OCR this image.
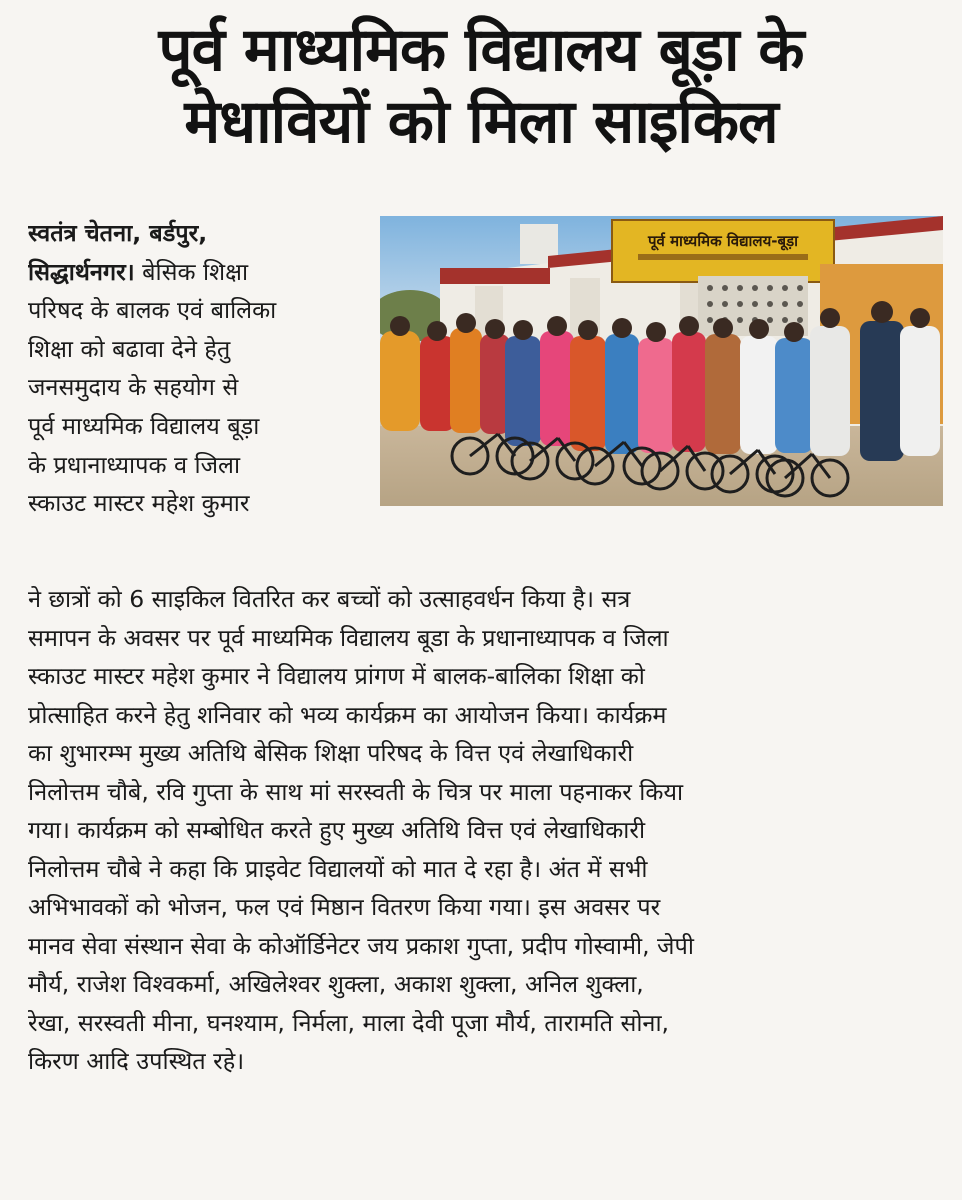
पूर्व माध्यमिक विद्यालय बूड़ा के
मेधावियों को मिला साइकिल
पूर्व माध्यमिक विद्यालय-बूड़ा
स्वतंत्र चेतना, बर्डपुर,
सिद्धार्थनगर। बेसिक शिक्षा
परिषद के बालक एवं बालिका
शिक्षा को बढावा देने हेतु
जनसमुदाय के सहयोग से
पूर्व माध्यमिक विद्यालय बूड़ा
के प्रधानाध्यापक व जिला
स्काउट मास्टर महेश कुमार
ने छात्रों को 6 साइकिल वितरित कर बच्चों को उत्साहवर्धन किया है। सत्र
समापन के अवसर पर पूर्व माध्यमिक विद्यालय बूडा के प्रधानाध्यापक व जिला
स्काउट मास्टर महेश कुमार ने विद्यालय प्रांगण में बालक-बालिका शिक्षा को
प्रोत्साहित करने हेतु शनिवार को भव्य कार्यक्रम का आयोजन किया। कार्यक्रम
का शुभारम्भ मुख्य अतिथि बेसिक शिक्षा परिषद के वित्त एवं लेखाधिकारी
निलोत्तम चौबे, रवि गुप्ता के साथ मां सरस्वती के चित्र पर माला पहनाकर किया
गया। कार्यक्रम को सम्बोधित करते हुए मुख्य अतिथि वित्त एवं लेखाधिकारी
निलोत्तम चौबे ने कहा कि प्राइवेट विद्यालयों को मात दे रहा है। अंत में सभी
अभिभावकों को भोजन, फल एवं मिष्ठान वितरण किया गया। इस अवसर पर
मानव सेवा संस्थान सेवा के कोऑर्डिनेटर जय प्रकाश गुप्ता, प्रदीप गोस्वामी, जेपी
मौर्य, राजेश विश्वकर्मा, अखिलेश्वर शुक्ला, अकाश शुक्ला, अनिल शुक्ला,
रेखा, सरस्वती मीना, घनश्याम, निर्मला, माला देवी पूजा मौर्य, तारामति सोना,
किरण आदि उपस्थित रहे।
